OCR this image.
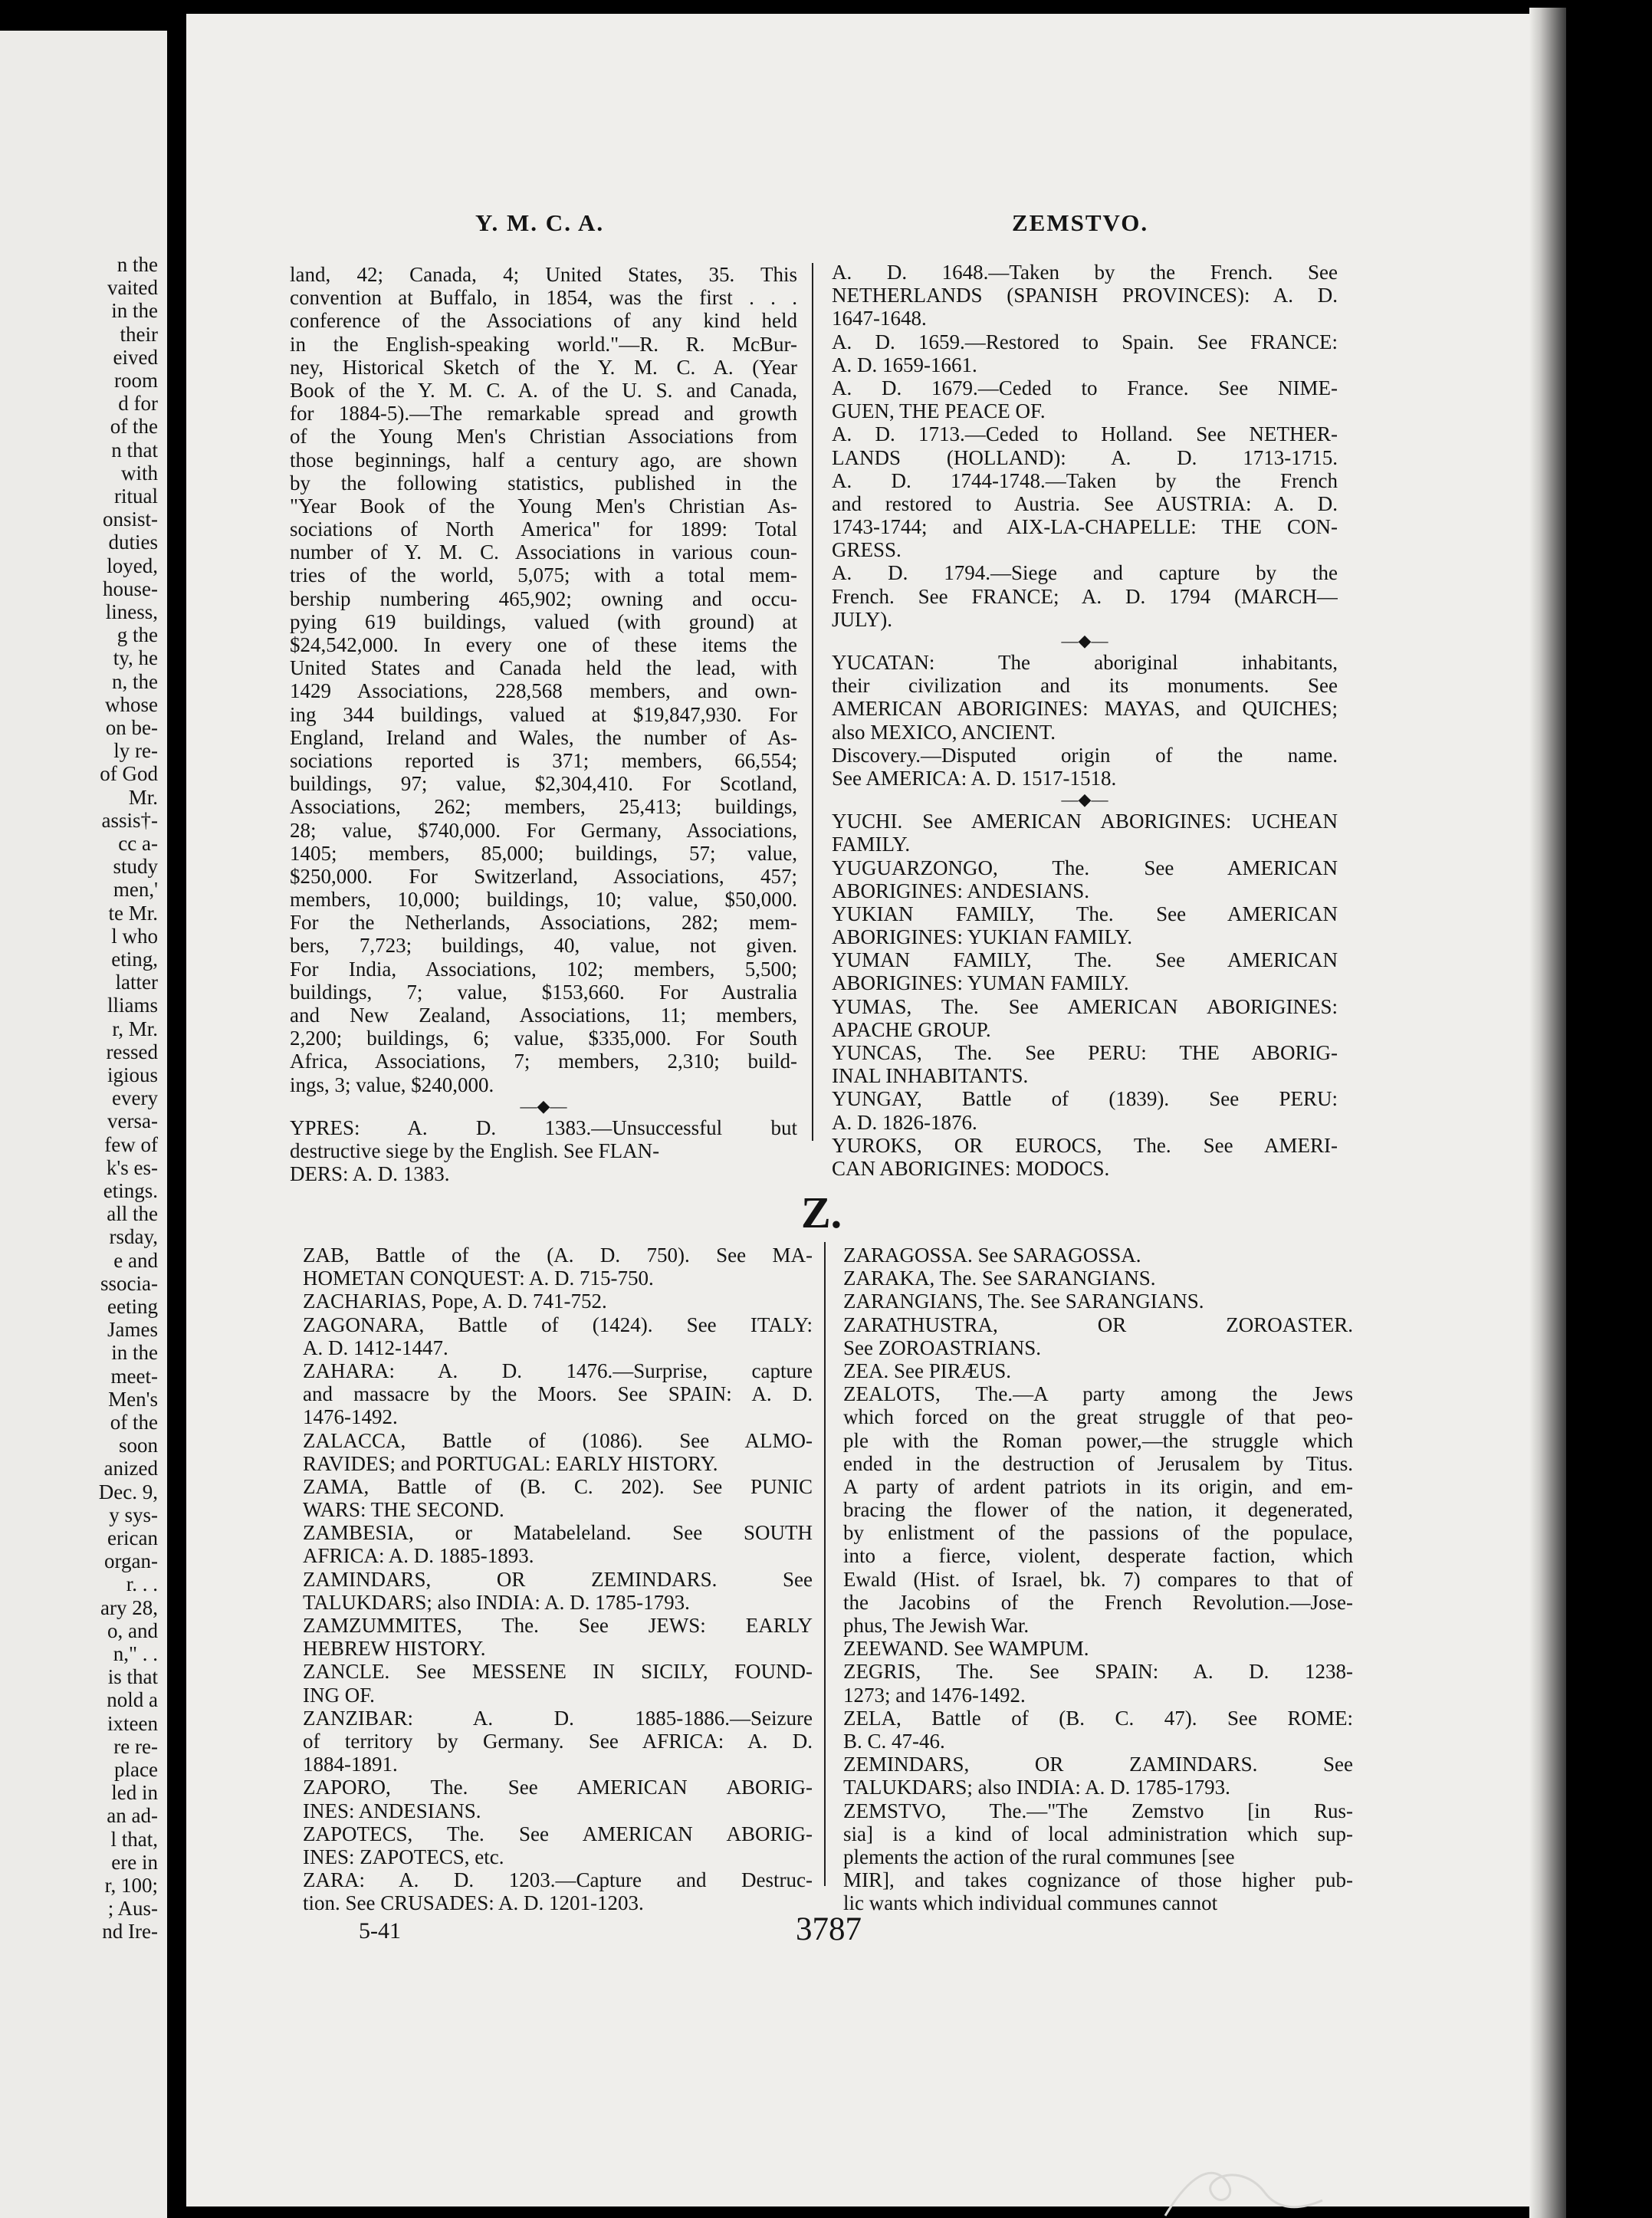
n the
vaited
in the
their
eived
room
d for
of the
n that
with
ritual
onsist-
duties
loyed,
house-
liness,
g the
ty, he
n, the
whose
on be-
ly re-
of God
Mr.
assis†-
cc a-
study
men,'
te Mr.
l who
eting,
latter
lliams
r, Mr.
ressed
igious
every
versa-
few of
k's es-
etings.
all the
rsday,
e and
ssocia-
eeting
James
in the
meet-
Men's
of the
soon
anized
Dec. 9,
y sys-
erican
organ-
r. . .
ary 28,
o, and
n," . .
is that
nold a
ixteen
re re-
place
led in
an ad-
l that,
ere in
r, 100;
; Aus-
nd Ire-
Y. M. C. A.	ZEMSTVO.
land, 42; Canada, 4; United States, 35. This
convention at Buffalo, in 1854, was the first . . .
conference of the Associations of any kind held
in the English-speaking world."—R. R. McBur-
ney, Historical Sketch of the Y. M. C. A. (Year
Book of the Y. M. C. A. of the U. S. and Canada,
for 1884-5).—The remarkable spread and growth
of the Young Men's Christian Associations from
those beginnings, half a century ago, are shown
by the following statistics, published in the
"Year Book of the Young Men's Christian As-
sociations of North America" for 1899: Total
number of Y. M. C. Associations in various coun-
tries of the world, 5,075; with a total mem-
bership numbering 465,902; owning and occu-
pying 619 buildings, valued (with ground) at
$24,542,000. In every one of these items the
United States and Canada held the lead, with
1429 Associations, 228,568 members, and own-
ing 344 buildings, valued at $19,847,930. For
England, Ireland and Wales, the number of As-
sociations reported is 371; members, 66,554;
buildings, 97; value, $2,304,410. For Scotland,
Associations, 262; members, 25,413; buildings,
28; value, $740,000. For Germany, Associations,
1405; members, 85,000; buildings, 57; value,
$250,000. For Switzerland, Associations, 457;
members, 10,000; buildings, 10; value, $50,000.
For the Netherlands, Associations, 282; mem-
bers, 7,723; buildings, 40, value, not given.
For India, Associations, 102; members, 5,500;
buildings, 7; value, $153,660. For Australia
and New Zealand, Associations, 11; members,
2,200; buildings, 6; value, $335,000. For South
Africa, Associations, 7; members, 2,310; build-
ings, 3; value, $240,000.
—◆—
YPRES: A. D. 1383.—Unsuccessful but
destructive siege by the English. See FLAN-
DERS: A. D. 1383.
A. D. 1648.—Taken by the French. See
NETHERLANDS (SPANISH PROVINCES): A. D.
1647-1648.
A. D. 1659.—Restored to Spain. See FRANCE:
A. D. 1659-1661.
A. D. 1679.—Ceded to France. See NIME-
GUEN, THE PEACE OF.
A. D. 1713.—Ceded to Holland. See NETHER-
LANDS (HOLLAND): A. D. 1713-1715.
A. D. 1744-1748.—Taken by the French
and restored to Austria. See AUSTRIA: A. D.
1743-1744; and AIX-LA-CHAPELLE: THE CON-
GRESS.
A. D. 1794.—Siege and capture by the
French. See FRANCE; A. D. 1794 (MARCH—
JULY).
—◆—
YUCATAN: The aboriginal inhabitants,
their civilization and its monuments. See
AMERICAN ABORIGINES: MAYAS, and QUICHES;
also MEXICO, ANCIENT.
Discovery.—Disputed origin of the name.
See AMERICA: A. D. 1517-1518.
—◆—
YUCHI. See AMERICAN ABORIGINES: UCHEAN
FAMILY.
YUGUARZONGO, The. See AMERICAN
ABORIGINES: ANDESIANS.
YUKIAN FAMILY, The. See AMERICAN
ABORIGINES: YUKIAN FAMILY.
YUMAN FAMILY, The. See AMERICAN
ABORIGINES: YUMAN FAMILY.
YUMAS, The. See AMERICAN ABORIGINES:
APACHE GROUP.
YUNCAS, The. See PERU: THE ABORIG-
INAL INHABITANTS.
YUNGAY, Battle of (1839). See PERU:
A. D. 1826-1876.
YUROKS, OR EUROCS, The. See AMERI-
CAN ABORIGINES: MODOCS.
Z.
ZAB, Battle of the (A. D. 750). See MA-
HOMETAN CONQUEST: A. D. 715-750.
ZACHARIAS, Pope, A. D. 741-752.
ZAGONARA, Battle of (1424). See ITALY:
A. D. 1412-1447.
ZAHARA: A. D. 1476.—Surprise, capture
and massacre by the Moors. See SPAIN: A. D.
1476-1492.
ZALACCA, Battle of (1086). See ALMO-
RAVIDES; and PORTUGAL: EARLY HISTORY.
ZAMA, Battle of (B. C. 202). See PUNIC
WARS: THE SECOND.
ZAMBESIA, or Matabeleland. See SOUTH
AFRICA: A. D. 1885-1893.
ZAMINDARS, OR ZEMINDARS. See
TALUKDARS; also INDIA: A. D. 1785-1793.
ZAMZUMMITES, The. See JEWS: EARLY
HEBREW HISTORY.
ZANCLE. See MESSENE IN SICILY, FOUND-
ING OF.
ZANZIBAR: A. D. 1885-1886.—Seizure
of territory by Germany. See AFRICA: A. D.
1884-1891.
ZAPORO, The. See AMERICAN ABORIG-
INES: ANDESIANS.
ZAPOTECS, The. See AMERICAN ABORIG-
INES: ZAPOTECS, etc.
ZARA: A. D. 1203.—Capture and Destruc-
tion. See CRUSADES: A. D. 1201-1203.
ZARAGOSSA. See SARAGOSSA.
ZARAKA, The. See SARANGIANS.
ZARANGIANS, The. See SARANGIANS.
ZARATHUSTRA, OR ZOROASTER.
See ZOROASTRIANS.
ZEA. See PIRÆUS.
ZEALOTS, The.—A party among the Jews
which forced on the great struggle of that peo-
ple with the Roman power,—the struggle which
ended in the destruction of Jerusalem by Titus.
A party of ardent patriots in its origin, and em-
bracing the flower of the nation, it degenerated,
by enlistment of the passions of the populace,
into a fierce, violent, desperate faction, which
Ewald (Hist. of Israel, bk. 7) compares to that of
the Jacobins of the French Revolution.—Jose-
phus, The Jewish War.
ZEEWAND. See WAMPUM.
ZEGRIS, The. See SPAIN: A. D. 1238-
1273; and 1476-1492.
ZELA, Battle of (B. C. 47). See ROME:
B. C. 47-46.
ZEMINDARS, OR ZAMINDARS. See
TALUKDARS; also INDIA: A. D. 1785-1793.
ZEMSTVO, The.—"The Zemstvo [in Rus-
sia] is a kind of local administration which sup-
plements the action of the rural communes [see
MIR], and takes cognizance of those higher pub-
lic wants which individual communes cannot
5-41	3787
